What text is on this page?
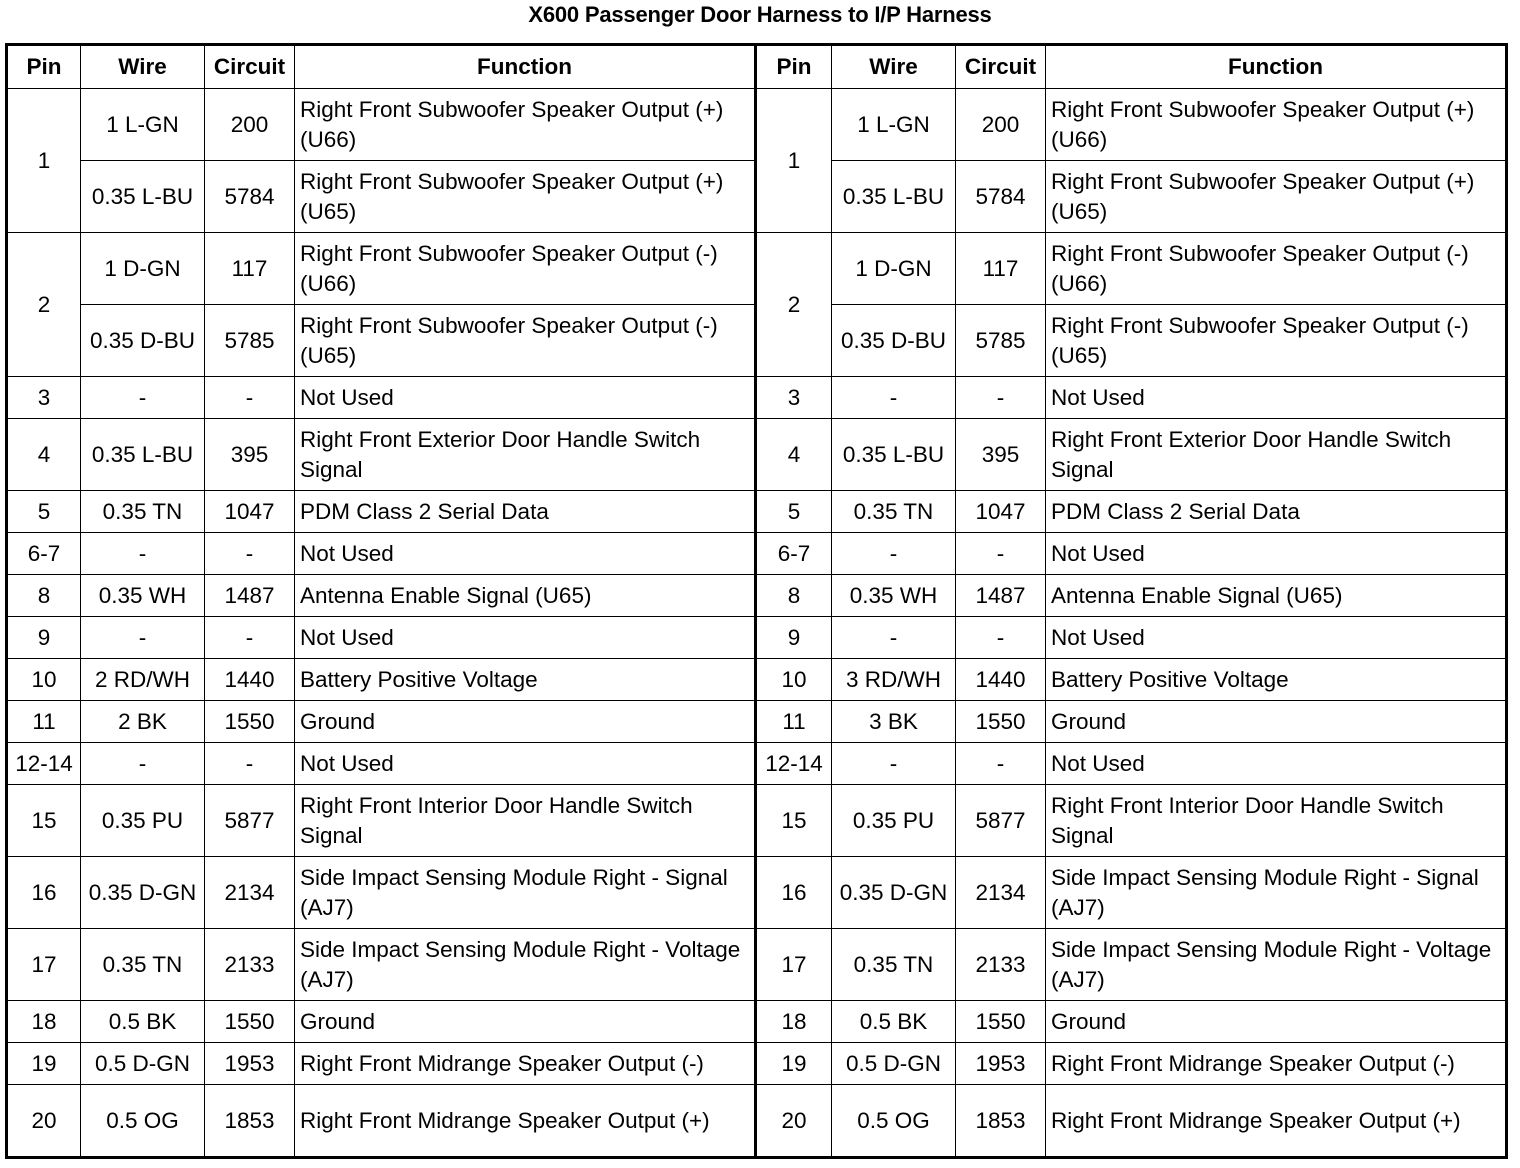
X600 Passenger Door Harness to I/P Harness
Pin	Wire	Circuit	Function	Pin	Wire	Circuit	Function
1	1 L-GN	200	Right Front Subwoofer Speaker Output (+) (U66)	1	1 L-GN	200	Right Front Subwoofer Speaker Output (+) (U66)
	0.35 L-BU	5784	Right Front Subwoofer Speaker Output (+) (U65)		0.35 L-BU	5784	Right Front Subwoofer Speaker Output (+) (U65)
2	1 D-GN	117	Right Front Subwoofer Speaker Output (-) (U66)	2	1 D-GN	117	Right Front Subwoofer Speaker Output (-) (U66)
	0.35 D-BU	5785	Right Front Subwoofer Speaker Output (-) (U65)		0.35 D-BU	5785	Right Front Subwoofer Speaker Output (-) (U65)
3	-	-	Not Used	3	-	-	Not Used
4	0.35 L-BU	395	Right Front Exterior Door Handle Switch Signal	4	0.35 L-BU	395	Right Front Exterior Door Handle Switch Signal
5	0.35 TN	1047	PDM Class 2 Serial Data	5	0.35 TN	1047	PDM Class 2 Serial Data
6-7	-	-	Not Used	6-7	-	-	Not Used
8	0.35 WH	1487	Antenna Enable Signal (U65)	8	0.35 WH	1487	Antenna Enable Signal (U65)
9	-	-	Not Used	9	-	-	Not Used
10	2 RD/WH	1440	Battery Positive Voltage	10	3 RD/WH	1440	Battery Positive Voltage
11	2 BK	1550	Ground	11	3 BK	1550	Ground
12-14	-	-	Not Used	12-14	-	-	Not Used
15	0.35 PU	5877	Right Front Interior Door Handle Switch Signal	15	0.35 PU	5877	Right Front Interior Door Handle Switch Signal
16	0.35 D-GN	2134	Side Impact Sensing Module Right - Signal (AJ7)	16	0.35 D-GN	2134	Side Impact Sensing Module Right - Signal (AJ7)
17	0.35 TN	2133	Side Impact Sensing Module Right - Voltage (AJ7)	17	0.35 TN	2133	Side Impact Sensing Module Right - Voltage (AJ7)
18	0.5 BK	1550	Ground	18	0.5 BK	1550	Ground
19	0.5 D-GN	1953	Right Front Midrange Speaker Output (-)	19	0.5 D-GN	1953	Right Front Midrange Speaker Output (-)
20	0.5 OG	1853	Right Front Midrange Speaker Output (+)	20	0.5 OG	1853	Right Front Midrange Speaker Output (+)
